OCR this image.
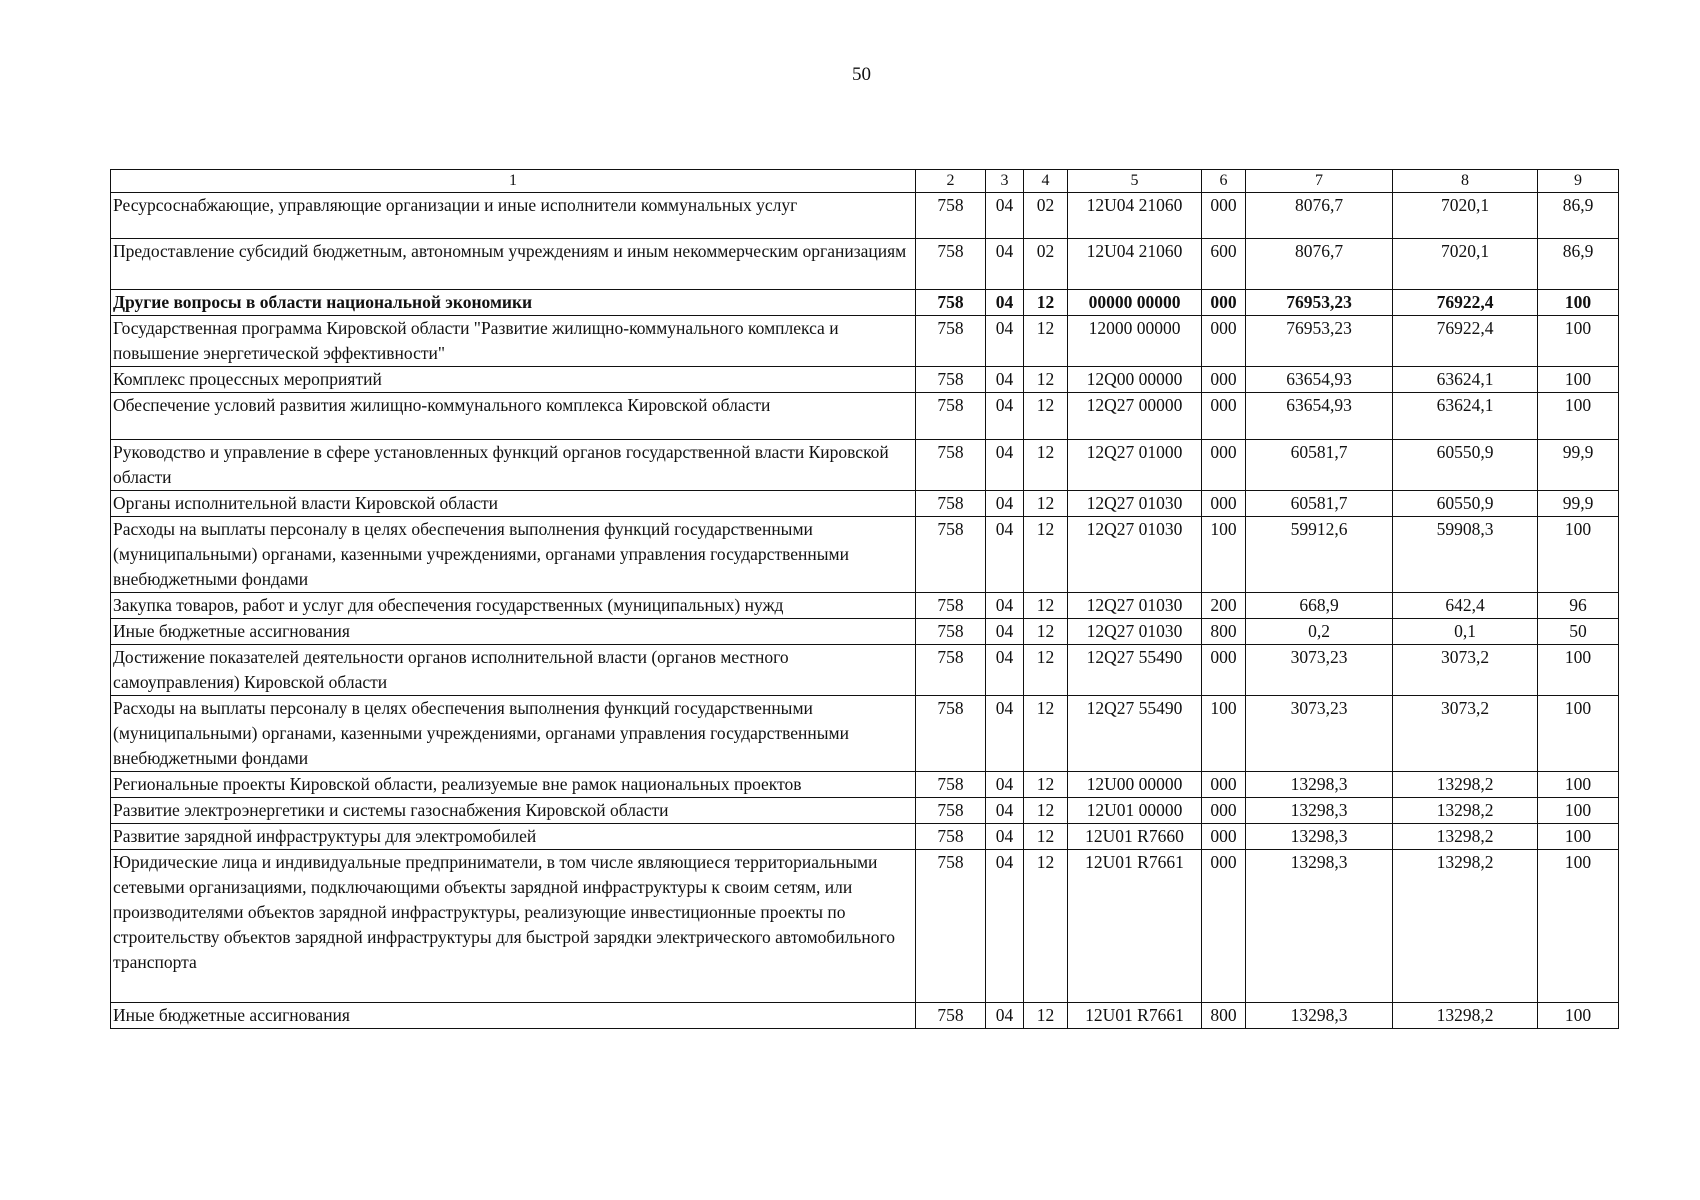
50
1	2	3	4	5	6	7	8	9
Ресурсоснабжающие, управляющие организации и иные исполнители коммунальных услуг	758	04	02	12U04 21060	000	8076,7	7020,1	86,9
Предоставление субсидий бюджетным, автономным учреждениям и иным некоммерческим организациям	758	04	02	12U04 21060	600	8076,7	7020,1	86,9
Другие вопросы в области национальной экономики	758	04	12	00000 00000	000	76953,23	76922,4	100
Государственная программа Кировской области "Развитие жилищно-коммунального комплекса и повышение энергетической эффективности"	758	04	12	12000 00000	000	76953,23	76922,4	100
Комплекс процессных мероприятий	758	04	12	12Q00 00000	000	63654,93	63624,1	100
Обеспечение условий развития жилищно-коммунального комплекса Кировской области	758	04	12	12Q27 00000	000	63654,93	63624,1	100
Руководство и управление в сфере установленных функций органов государственной власти Кировской области	758	04	12	12Q27 01000	000	60581,7	60550,9	99,9
Органы исполнительной власти Кировской области	758	04	12	12Q27 01030	000	60581,7	60550,9	99,9
Расходы на выплаты персоналу в целях обеспечения выполнения функций государственными (муниципальными) органами, казенными учреждениями, органами управления государственными внебюджетными фондами	758	04	12	12Q27 01030	100	59912,6	59908,3	100
Закупка товаров, работ и услуг для обеспечения государственных (муниципальных) нужд	758	04	12	12Q27 01030	200	668,9	642,4	96
Иные бюджетные ассигнования	758	04	12	12Q27 01030	800	0,2	0,1	50
Достижение показателей деятельности органов исполнительной власти (органов местного самоуправления) Кировской области	758	04	12	12Q27 55490	000	3073,23	3073,2	100
Расходы на выплаты персоналу в целях обеспечения выполнения функций государственными (муниципальными) органами, казенными учреждениями, органами управления государственными внебюджетными фондами	758	04	12	12Q27 55490	100	3073,23	3073,2	100
Региональные проекты Кировской области, реализуемые вне рамок национальных проектов	758	04	12	12U00 00000	000	13298,3	13298,2	100
Развитие электроэнергетики и системы газоснабжения Кировской области	758	04	12	12U01 00000	000	13298,3	13298,2	100
Развитие зарядной инфраструктуры для электромобилей	758	04	12	12U01 R7660	000	13298,3	13298,2	100
Юридические лица и индивидуальные предприниматели, в том числе являющиеся территориальными сетевыми организациями, подключающими объекты зарядной инфраструктуры к своим сетям, или производителями объектов зарядной инфраструктуры, реализующие инвестиционные проекты по строительству объектов зарядной инфраструктуры для быстрой зарядки электрического автомобильного транспорта	758	04	12	12U01 R7661	000	13298,3	13298,2	100
Иные бюджетные ассигнования	758	04	12	12U01 R7661	800	13298,3	13298,2	100
